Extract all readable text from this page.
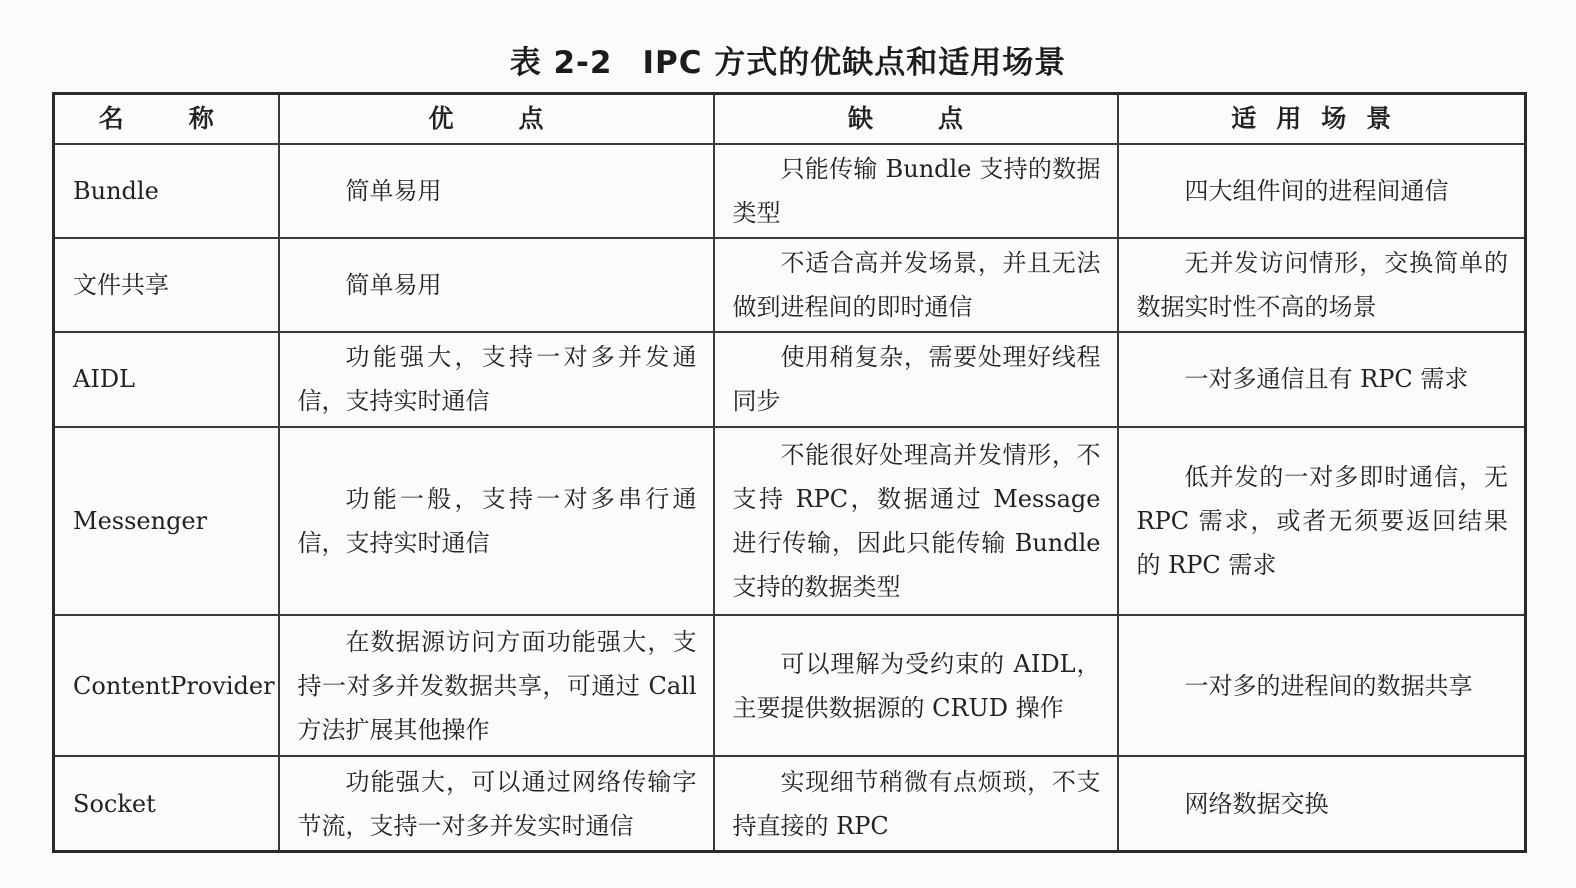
表 2-2 IPC 方式的优缺点和适用场景
名　称	优　点	缺　点	适用场景
Bundle	简单易用	只能传输 Bundle 支持的数据类型	四大组件间的进程间通信

文件共享	简单易用	不适合高并发场景，并且无法做到进程间的即时通信	无并发访问情形，交换简单的数据实时性不高的场景

AIDL	功能强大，支持一对多并发通信，支持实时通信	使用稍复杂，需要处理好线程同步	一对多通信且有 RPC 需求

Messenger	功能一般，支持一对多串行通信，支持实时通信	不能很好处理高并发情形，不支持 RPC，数据通过 Message 进行传输，因此只能传输 Bundle 支持的数据类型	低并发的一对多即时通信，无 RPC 需求，或者无须要返回结果的 RPC 需求

ContentProvider	在数据源访问方面功能强大，支持一对多并发数据共享，可通过 Call 方法扩展其他操作	可以理解为受约束的 AIDL，主要提供数据源的 CRUD 操作	一对多的进程间的数据共享

Socket	功能强大，可以通过网络传输字节流，支持一对多并发实时通信	实现细节稍微有点烦琐，不支持直接的 RPC	网络数据交换
